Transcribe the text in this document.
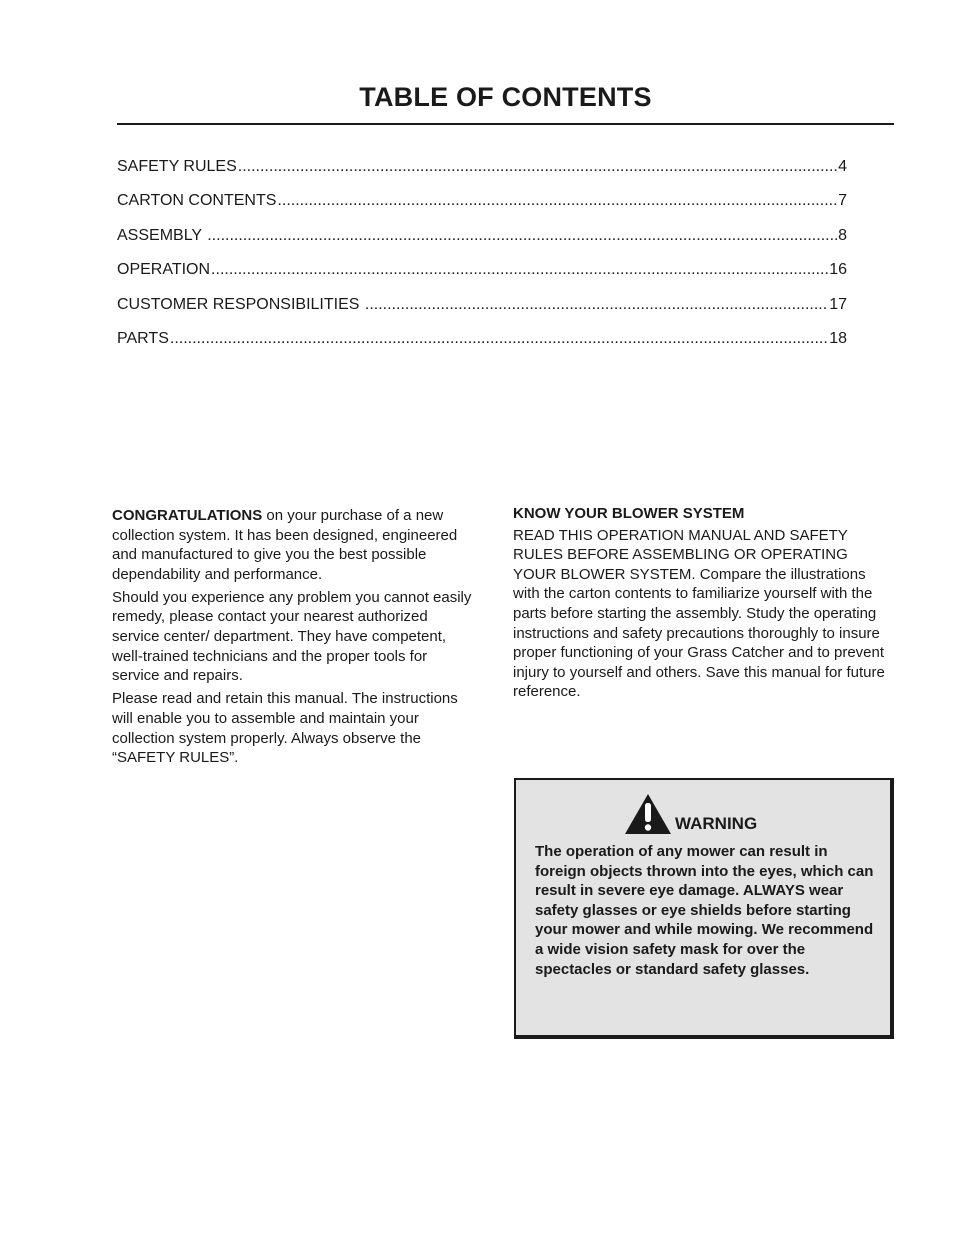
TABLE OF CONTENTS
SAFETY RULES .....	4
CARTON CONTENTS .....	7
ASSEMBLY .....	8
OPERATION .....	16
CUSTOMER RESPONSIBILITIES .....	17
PARTS .....	18

CONGRATULATIONS on your purchase of a new collection system. It has been designed, engineered and manufactured to give you the best possible dependability and performance.

Should you experience any problem you cannot easily remedy, please contact your nearest authorized service center/ department. They have competent, well-trained technicians and the proper tools for service and repairs.

Please read and retain this manual. The instructions will enable you to assemble and maintain your collection system properly. Always observe the “SAFETY RULES”.

KNOW YOUR BLOWER SYSTEM

READ THIS OPERATION MANUAL AND SAFETY RULES BEFORE ASSEMBLING OR OPERATING YOUR BLOWER SYSTEM. Compare the illustrations with the carton contents to familiarize yourself with the parts before starting the assembly. Study the operating instructions and safety precautions thoroughly to insure proper functioning of your Grass Catcher and to prevent injury to yourself and others. Save this manual for future reference.

WARNING

The operation of any mower can result in foreign objects thrown into the eyes, which can result in severe eye damage. ALWAYS wear safety glasses or eye shields before starting your mower and while mowing. We recommend a wide vision safety mask for over the spectacles or standard safety glasses.
